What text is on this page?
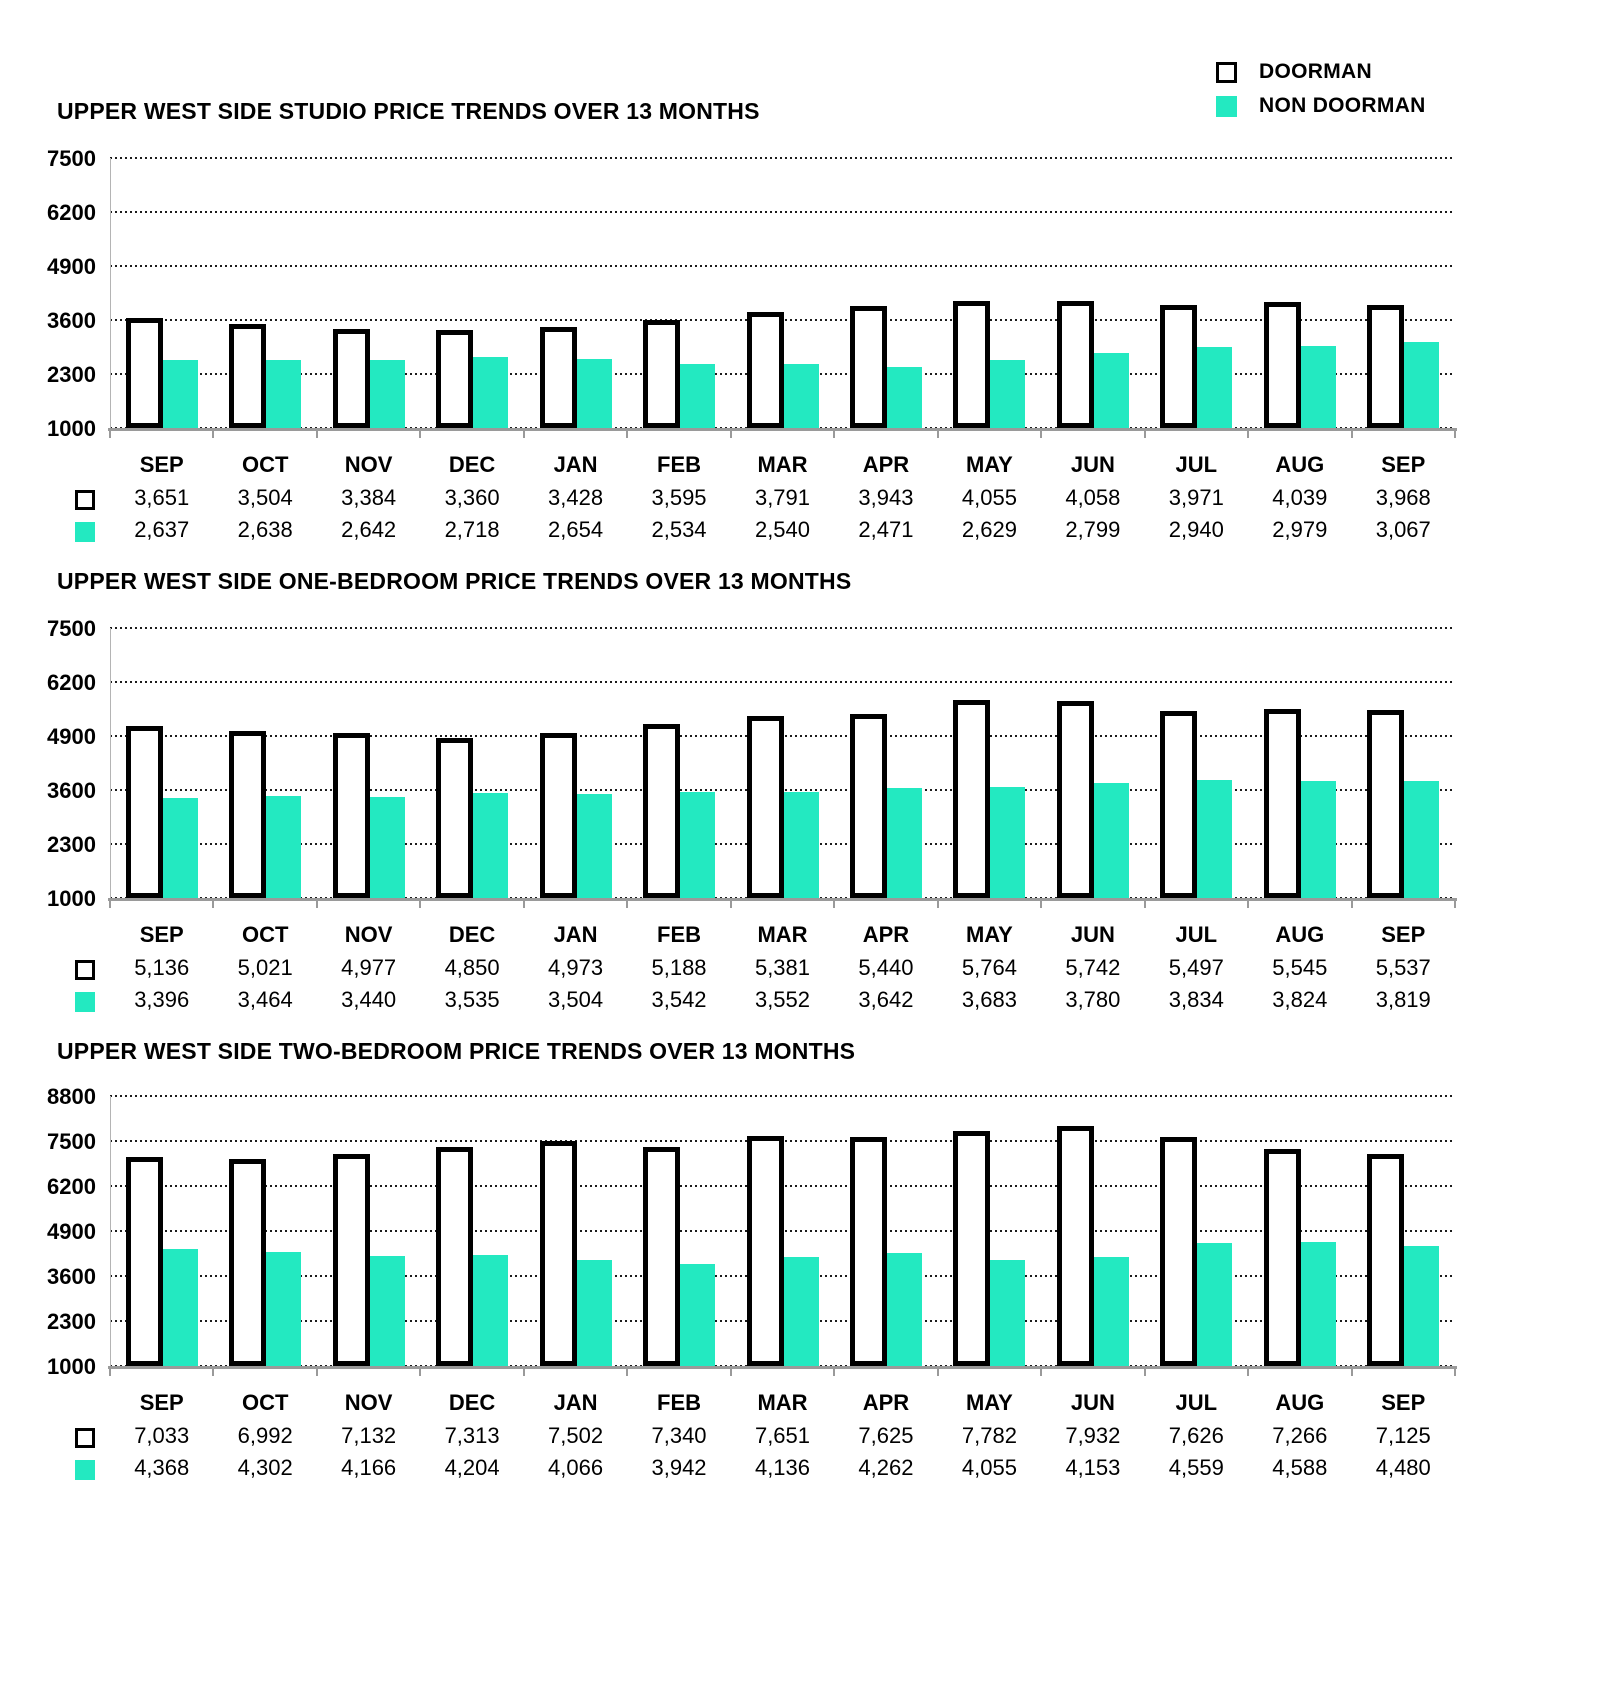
DOORMAN
NON DOORMAN
UPPER WEST SIDE STUDIO PRICE TRENDS OVER 13 MONTHS
7500
6200
4900
3600
2300
1000
SEP
3,651
2,637
OCT
3,504
2,638
NOV
3,384
2,642
DEC
3,360
2,718
JAN
3,428
2,654
FEB
3,595
2,534
MAR
3,791
2,540
APR
3,943
2,471
MAY
4,055
2,629
JUN
4,058
2,799
JUL
3,971
2,940
AUG
4,039
2,979
SEP
3,968
3,067
UPPER WEST SIDE ONE-BEDROOM PRICE TRENDS OVER 13 MONTHS
7500
6200
4900
3600
2300
1000
SEP
5,136
3,396
OCT
5,021
3,464
NOV
4,977
3,440
DEC
4,850
3,535
JAN
4,973
3,504
FEB
5,188
3,542
MAR
5,381
3,552
APR
5,440
3,642
MAY
5,764
3,683
JUN
5,742
3,780
JUL
5,497
3,834
AUG
5,545
3,824
SEP
5,537
3,819
UPPER WEST SIDE TWO-BEDROOM PRICE TRENDS OVER 13 MONTHS
8800
7500
6200
4900
3600
2300
1000
SEP
7,033
4,368
OCT
6,992
4,302
NOV
7,132
4,166
DEC
7,313
4,204
JAN
7,502
4,066
FEB
7,340
3,942
MAR
7,651
4,136
APR
7,625
4,262
MAY
7,782
4,055
JUN
7,932
4,153
JUL
7,626
4,559
AUG
7,266
4,588
SEP
7,125
4,480
